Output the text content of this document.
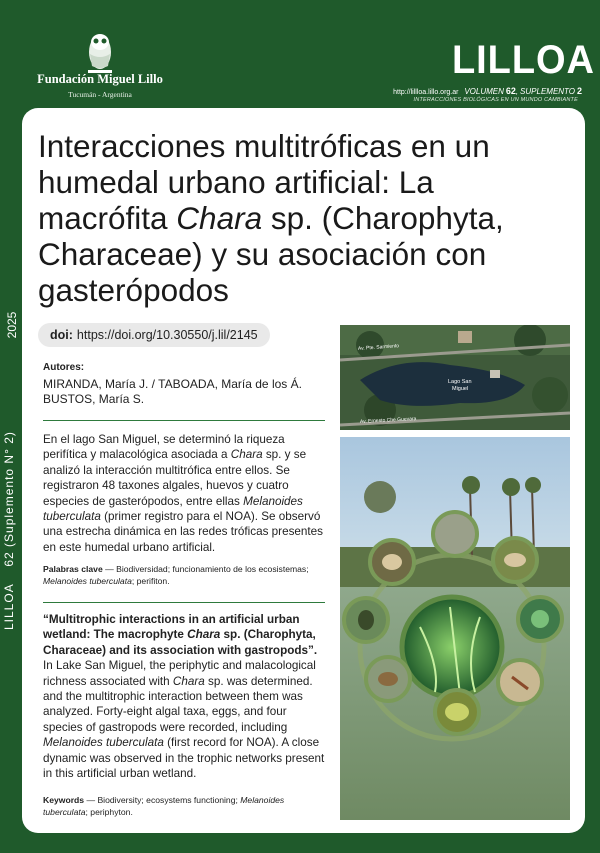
Fundación Miguel Lillo
Tucumán - Argentina
LILLOA
http://lillloa.lillo.org.ar VOLUMEN 62, SUPLEMENTO 2
INTERACCIONES BIOLÓGICAS EN UN MUNDO CAMBIANTE
2025
LILLOA    62 (Suplemento N° 2)
Interacciones multitróficas en un humedal urbano artificial: La macrófita Chara sp. (Charophyta, Characeae) y su asociación con gasterópodos
doi: https://doi.org/10.30550/j.lil/2145
Autores:
MIRANDA, María J. / TABOADA, María de los Á.
BUSTOS, María S.
En el lago San Miguel, se determinó la riqueza perifítica y malacológica asociada a Chara sp. y se analizó la interacción multitrófica entre ellos. Se registraron 48 taxones algales, huevos y cuatro especies de gasterópodos, entre ellas Melanoides tuberculata (primer registro para el NOA). Se observó una estrecha dinámica en las redes tróficas presentes en este humedal urbano artificial.
Palabras clave — Biodiversidad; funcionamiento de los ecosistemas; Melanoides tuberculata; perifiton.
“Multitrophic interactions in an artificial urban wetland: The macrophyte Chara sp. (Charophyta, Characeae) and its association with gastropods”. In Lake San Miguel, the periphytic and malacological richness associated with Chara sp. was determined. and the multitrophic interaction between them was analyzed. Forty-eight algal taxa, eggs, and four species of gastropods were recorded, including Melanoides tuberculata (first record for NOA). A close dynamic was observed in the trophic networks present in this artificial urban wetland.
Keywords — Biodiversity; ecosystems functioning; Melanoides tuberculata; periphyton.
Av. Pte. Sarmiento
Lago San
Miguel
Av. Ernesto Che Guevara
